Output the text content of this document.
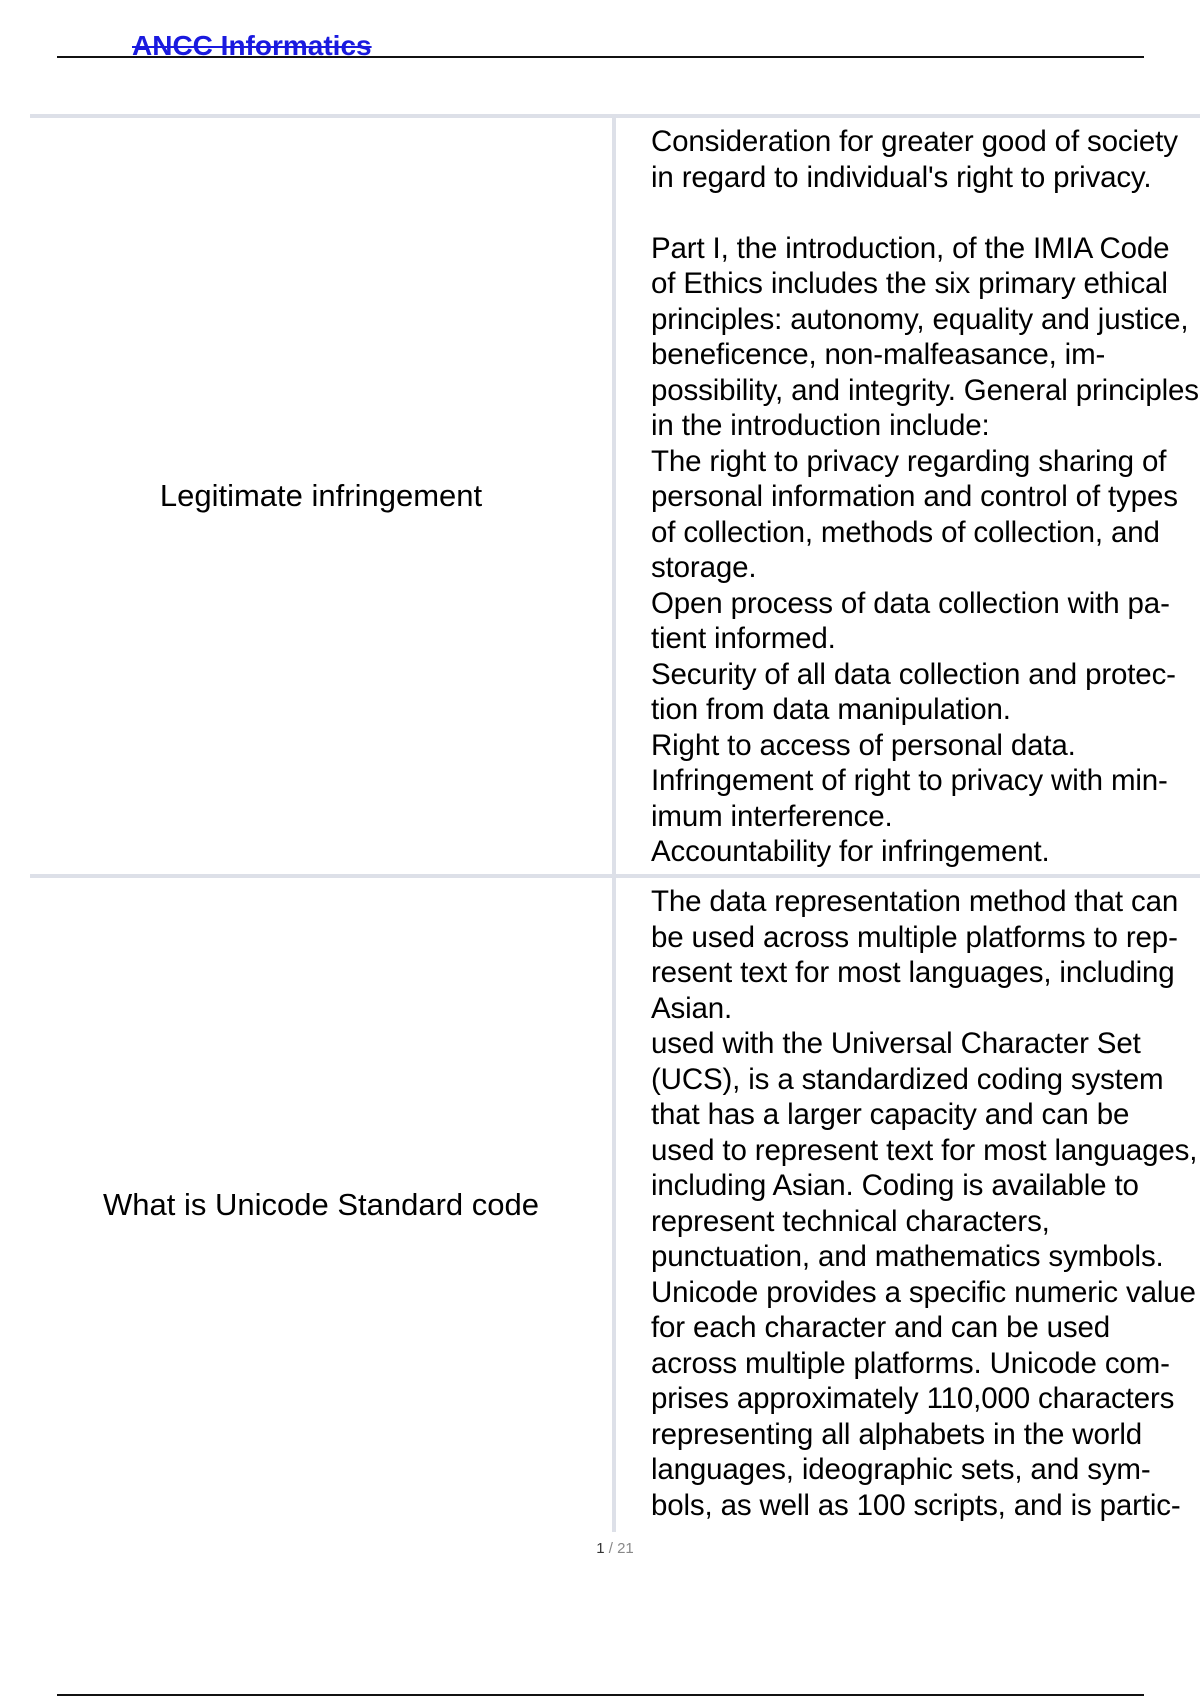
ANCC Informatics
Legitimate infringement

Consideration for greater good of society in regard to individual's right to privacy.

Part I, the introduction, of the IMIA Code of Ethics includes the six primary ethical principles: autonomy, equality and justice, beneficence, non-malfeasance, impossibility, and integrity. General principles in the introduction include:

The right to privacy regarding sharing of personal information and control of types of collection, methods of collection, and storage.

Open process of data collection with patient informed.

Security of all data collection and protection from data manipulation.

Right to access of personal data.

Infringement of right to privacy with minimum interference.

Accountability for infringement.

What is Unicode Standard code

The data representation method that can be used across multiple platforms to represent text for most languages, including Asian.

used with the Universal Character Set (UCS), is a standardized coding system that has a larger capacity and can be used to represent text for most languages, including Asian. Coding is available to represent technical characters, punctuation, and mathematics symbols. Unicode provides a specific numeric value for each character and can be used across multiple platforms. Unicode comprises approximately 110,000 characters representing all alphabets in the world languages, ideographic sets, and symbols, as well as 100 scripts, and is partic-

1 / 21
